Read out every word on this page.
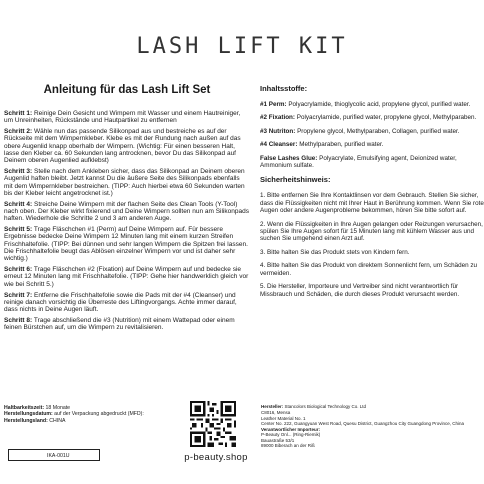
LASH LIFT KIT
Anleitung für das Lash Lift Set

Schritt 1: Reinige Dein Gesicht und Wimpern mit Wasser und einem Hautreiniger, um Unreinheiten, Rückstände und Hautpartikel zu entfernen

Schritt 2: Wähle nun das passende Silikonpad aus und bestreiche es auf der Rückseite mit dem Wimpernkleber. Klebe es mit der Rundung nach außen auf das obere Augenlid knapp oberhalb der Wimpern. (Wichtig: Für einen besseren Halt, lasse den Kleber ca. 60 Sekunden lang antrocknen, bevor Du das Silikonpad auf Deinem oberen Augenlied aufklebst)

Schritt 3: Stelle nach dem Ankleben sicher, dass das Silikonpad an Deinem oberen Augenlid haften bleibt. Jetzt kannst Du die äußere Seite des Silikonpads ebenfalls mit dem Wimpernkleber bestreichen. (TIPP: Auch hierbei etwa 60 Sekunden warten bis der Kleber leicht angetrocknet ist.)

Schritt 4: Streiche Deine Wimpern mit der flachen Seite des Clean Tools (Y-Tool) nach oben. Der Kleber wirkt fixierend und Deine Wimpern sollten nun am Silikonpads haften. Wiederhole die Schritte 2 und 3 am anderen Auge.

Schritt 5: Trage Fläschchen #1 (Perm) auf Deine Wimpern auf. Für bessere Ergebnisse bedecke Deine Wimpern 12 Minuten lang mit einem kurzen Streifen Frischhaltefolie. (TIPP: Bei dünnen und sehr langen Wimpern die Spitzen frei lassen. Die Frischhaltefolie beugt das Ablösen einzelner Wimpern vor und ist daher sehr wichtig.)

Schritt 6: Trage Fläschchen #2 (Fixation) auf Deine Wimpern auf und bedecke sie erneut 12 Minuten lang mit Frischhaltefolie. (TIPP: Gehe hier handwerklich gleich vor wie bei Schritt 5.)

Schritt 7: Entferne die Frischhaltefolie sowie die Pads mit der #4 (Cleanser) und reinige danach vorsichtig die Überreste des Liftingvorgangs. Achte immer darauf, dass nichts in Deine Augen läuft.

Schritt 8: Trage abschließend die #3 (Nutrition) mit einem Wattepad oder einem feinen Bürstchen auf, um die Wimpern zu revitalisieren.

Inhaltsstoffe:

#1 Perm: Polyacrylamide, thioglycolic acid, propylene glycol, purified water.

#2 Fixation: Polyacrylamide, purified water, propylene glycol, Methylparaben.

#3 Nutriton: Propylene glycol, Methylparaben, Collagen, purified water.

#4 Cleanser: Methylparaben, purified water.

False Lashes Glue: Polyacrylate, Emulsifying agent, Deionized water, Ammonium sulfate.

Sicherheitshinweis:

1. Bitte entfernen Sie Ihre Kontaktlinsen vor dem Gebrauch. Stellen Sie sicher, dass die Flüssigkeiten nicht mit Ihrer Haut in Berührung kommen. Wenn Sie rote Augen oder andere Augenprobleme bekommen, hören Sie bitte sofort auf.

2. Wenn die Flüssigkeiten in Ihre Augen gelangen oder Reizungen verursachen, spülen Sie Ihre Augen sofort für 15 Minuten lang mit kühlem Wasser aus und suchen Sie umgehend einen Arzt auf.

3. Bitte halten Sie das Produkt stets von Kindern fern.

4. Bitte halten Sie das Produkt von direktem Sonnenlicht fern, um Schäden zu vermeiden.

5. Die Hersteller, Importeure und Vertreiber sind nicht verantwortlich für Missbrauch und Schäden, die durch dieses Produkt verursacht werden.

Haltbarkeitszeit: 18 Monate
Herstellungsdatum: auf der Verpackung abgedruckt (MFD):
Herstellungsland: CHINA
IKA-001U	p-beauty.shop
Hersteller: Stancolors Biological Technology Co. Ltd
C8016, Mensa
Leather Material No. 1
Center No. 222, Guangyuan West Road, Quesu District, Guangzhou City Guangdong Province, China
Verantwortlicher Importeur:
P-Beauty Onl... (Ring-Riemik)
Bauastraße 53/1
89000 Biberach an der Riß
